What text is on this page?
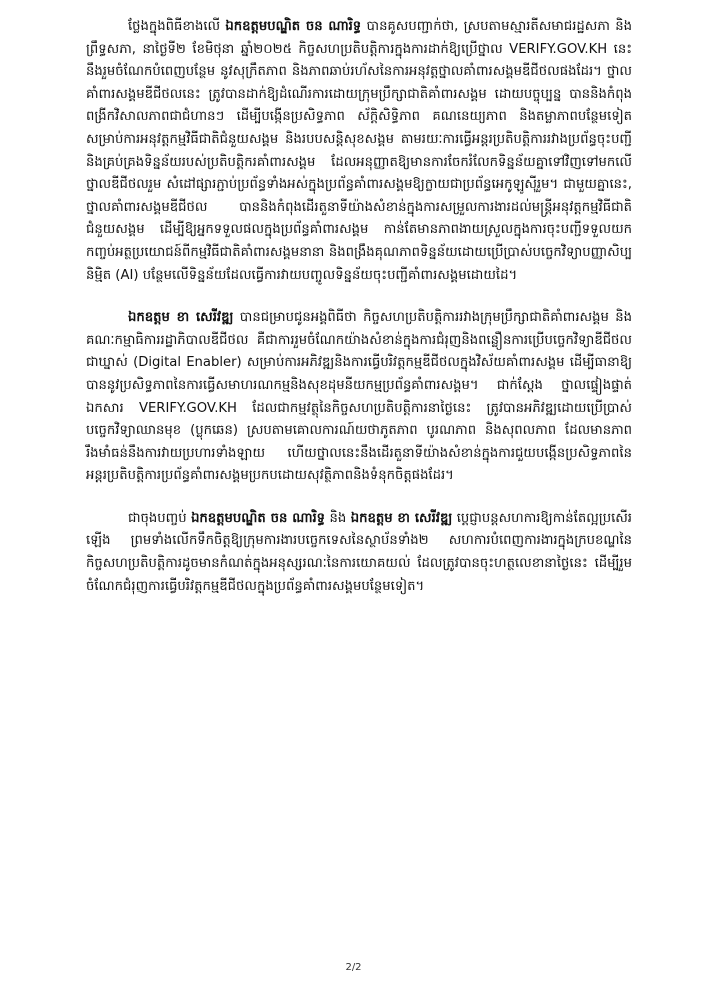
ថ្លែងក្នុងពិធីខាងលើ ឯកឧត្តមបណ្ឌិត ចន ណារិទ្ធ បានគូសបញ្ជាក់ថា, ស្របតាមស្មារតីសមាជរដ្ឋសភា និងព្រឹទ្ធសភា, នាថ្ងៃទី២ ខែមិថុនា ឆ្នាំ២០២៥ កិច្ចសហប្រតិបត្តិការក្នុងការដាក់ឱ្យប្រើថ្នាល VERIFY.GOV.KH នេះ នឹងរួមចំណែកបំពេញបន្ថែម នូវសុក្រឹតភាព និងភាពឆាប់រហ័សនៃការអនុវត្តថ្នាលគាំពារសង្គមឌីជីថលផងដែរ។ ថ្នាលគាំពារសង្គមឌីជីថលនេះ ត្រូវបានដាក់ឱ្យដំណើរការដោយក្រុមប្រឹក្សាជាតិគាំពារសង្គម ដោយបច្ចុប្បន្ន បាននិងកំពុងពង្រីកវិសាលភាពជាជំហានៗ ដើម្បីបង្កើនប្រសិទ្ធភាព ស័ក្តិសិទ្ធិភាព គណនេយ្យភាព និងតម្លាភាពបន្ថែមទៀត សម្រាប់ការអនុវត្តកម្មវិធីជាតិជំនួយសង្គម និងរបបសន្តិសុខសង្គម តាមរយៈការធ្វើអន្តរប្រតិបត្តិការរវាងប្រព័ន្ធចុះបញ្ជី និងគ្រប់គ្រងទិន្នន័យរបស់ប្រតិបត្តិករគាំពារសង្គម ដែលអនុញ្ញាតឱ្យមានការចែករំលែកទិន្នន័យគ្នាទៅវិញទៅមកលើថ្នាលឌីជីថលរួម សំដៅផ្សារភ្ជាប់ប្រព័ន្ធទាំងអស់ក្នុងប្រព័ន្ធគាំពារសង្គមឱ្យក្លាយជាប្រព័ន្ធអេកូឡូស៊ីរួម។ ជាមួយគ្នានេះ, ថ្នាលគាំពារសង្គមឌីជីថល បាននិងកំពុងដើរតួនាទីយ៉ាងសំខាន់ក្នុងការសម្រួលការងារដល់មន្ត្រីអនុវត្តកម្មវិធីជាតិជំនួយសង្គម ដើម្បីឱ្យអ្នកទទួលផលក្នុងប្រព័ន្ធគាំពារសង្គម កាន់តែមានភាពងាយស្រួលក្នុងការចុះបញ្ជីទទួលយកកញ្ចប់អត្ថប្រយោជន៍ពីកម្មវិធីជាតិគាំពារសង្គមនានា និងពង្រឹងគុណភាពទិន្នន័យដោយប្រើប្រាស់បច្ចេកវិទ្យាបញ្ញាសិប្បនិម្មិត (AI) បន្ថែមលើទិន្នន័យដែលធ្វើការវាយបញ្ចូលទិន្នន័យចុះបញ្ជីគាំពារសង្គមដោយដៃ។

ឯកឧត្តម ខា សេរីវឌ្ឍ បានជម្រាបជូនអង្គពិធីថា កិច្ចសហប្រតិបត្តិការរវាងក្រុមប្រឹក្សាជាតិគាំពារសង្គម និង គណៈកម្មាធិការរដ្ឋាភិបាលឌីជីថល គឺជាការរួមចំណែកយ៉ាងសំខាន់ក្នុងការជំរុញនិងពន្លឿនការប្រើបច្ចេកវិទ្យាឌីជីថលជាឃ្នាស់ (Digital Enabler) សម្រាប់ការអភិវឌ្ឍនិងការធ្វើបរិវត្តកម្មឌីជីថលក្នុងវិស័យគាំពារសង្គម ដើម្បីធានាឱ្យបាននូវប្រសិទ្ធភាពនៃការធ្វើសមាហរណកម្មនិងសុខដុមនីយកម្មប្រព័ន្ធគាំពារសង្គម។ ជាក់ស្ដែង ថ្នាលផ្ទៀងផ្ទាត់ឯកសារ VERIFY.GOV.KH ដែលជាកម្មវត្ថុនៃកិច្ចសហប្រតិបត្តិការនាថ្ងៃនេះ ត្រូវបានអភិវឌ្ឍដោយប្រើប្រាស់បច្ចេកវិទ្យាឈានមុខ (ប្លុកឆេន) ស្របតាមគោលការណ៍យថាភូតភាព បូរណភាព និងសុពលភាព ដែលមានភាពរឹងមាំធន់នឹងការវាយប្រហារទាំងឡាយ ហើយថ្នាលនេះនឹងដើរតួនាទីយ៉ាងសំខាន់ក្នុងការជួយបង្កើនប្រសិទ្ធភាពនៃអន្តរប្រតិបត្តិការប្រព័ន្ធគាំពារសង្គមប្រកបដោយសុវត្ថិភាពនិងទំនុកចិត្តផងដែរ។

ជាចុងបញ្ចប់ ឯកឧត្តមបណ្ឌិត ចន ណារិទ្ធ និង ឯកឧត្តម ខា សេរីវឌ្ឍ ប្តេជ្ញាបន្តសហការឱ្យកាន់តែល្អប្រសើរឡើង ព្រមទាំងលើកទឹកចិត្តឱ្យក្រុមការងារបច្ចេកទេសនៃស្ថាប័នទាំង២ សហការបំពេញការងារក្នុងក្របខណ្ឌនៃកិច្ចសហប្រតិបត្តិការដូចមានកំណត់ក្នុងអនុស្សរណៈនៃការយោគយល់ ដែលត្រូវបានចុះហត្ថលេខានាថ្ងៃនេះ ដើម្បីរួមចំណែកជំរុញការធ្វើបរិវត្តកម្មឌីជីថលក្នុងប្រព័ន្ធគាំពារសង្គមបន្ថែមទៀត។

2/2
